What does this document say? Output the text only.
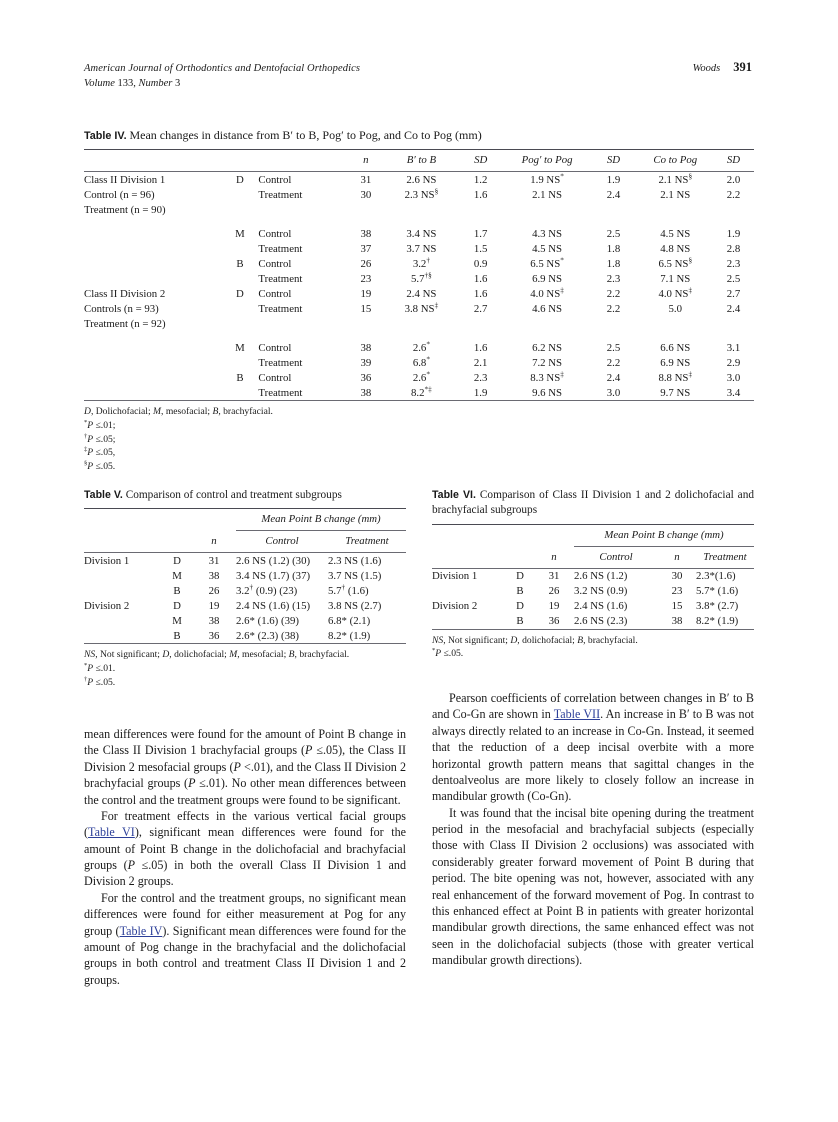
American Journal of Orthodontics and Dentofacial Orthopedics	Woods 391
Volume 133, Number 3
Table IV. Mean changes in distance from B′ to B, Pog′ to Pog, and Co to Pog (mm)
			n	B′ to B	SD	Pog′ to Pog	SD	Co to Pog	SD
Class II Division 1	D	Control	31	2.6 NS	1.2	1.9 NS*	1.9	2.1 NS§	2.0
Control (n = 96)		Treatment	30	2.3 NS§	1.6	2.1 NS	2.4	2.1 NS	2.2
Treatment (n = 90)									

	M	Control	38	3.4 NS	1.7	4.3 NS	2.5	4.5 NS	1.9
		Treatment	37	3.7 NS	1.5	4.5 NS	1.8	4.8 NS	2.8
	B	Control	26	3.2†	0.9	6.5 NS*	1.8	6.5 NS§	2.3
		Treatment	23	5.7†§	1.6	6.9 NS	2.3	7.1 NS	2.5
Class II Division 2	D	Control	19	2.4 NS	1.6	4.0 NS‡	2.2	4.0 NS‡	2.7
Controls (n = 93)		Treatment	15	3.8 NS‡	2.7	4.6 NS	2.2	5.0	2.4
Treatment (n = 92)									

	M	Control	38	2.6*	1.6	6.2 NS	2.5	6.6 NS	3.1
		Treatment	39	6.8*	2.1	7.2 NS	2.2	6.9 NS	2.9
	B	Control	36	2.6*	2.3	8.3 NS‡	2.4	8.8 NS‡	3.0
		Treatment	38	8.2*‡	1.9	9.6 NS	3.0	9.7 NS	3.4
D, Dolichofacial; M, mesofacial; B, brachyfacial.
*P ≤.01;
†P ≤.05;
‡P ≤.05,
§P ≤.05.
Table V. Comparison of control and treatment subgroups
			Mean Point B change (mm)	
		n	Control	Treatment
Division 1	D	31	2.6 NS (1.2) (30)	2.3 NS (1.6)
	M	38	3.4 NS (1.7) (37)	3.7 NS (1.5)
	B	26	3.2† (0.9) (23)	5.7† (1.6)
Division 2	D	19	2.4 NS (1.6) (15)	3.8 NS (2.7)
	M	38	2.6* (1.6) (39)	6.8* (2.1)
	B	36	2.6* (2.3) (38)	8.2* (1.9)
NS, Not significant; D, dolichofacial; M, mesofacial; B, brachyfacial.
*P ≤.01.
†P ≤.05.
Table VI. Comparison of Class II Division 1 and 2 dolichofacial and brachyfacial subgroups
			Mean Point B change (mm)		
		n	Control	n	Treatment
Division 1	D	31	2.6 NS (1.2)	30	2.3*(1.6)
	B	26	3.2 NS (0.9)	23	5.7* (1.6)
Division 2	D	19	2.4 NS (1.6)	15	3.8* (2.7)
	B	36	2.6 NS (2.3)	38	8.2* (1.9)
NS, Not significant; D, dolichofacial; B, brachyfacial.
*P ≤.05.

mean differences were found for the amount of Point B change in the Class II Division 1 brachyfacial groups (P ≤.05), the Class II Division 2 mesofacial groups (P <.01), and the Class II Division 2 brachyfacial groups (P ≤.01). No other mean differences between the control and the treatment groups were found to be significant.

For treatment effects in the various vertical facial groups (Table VI), significant mean differences were found for the amount of Point B change in the dolichofacial and brachyfacial groups (P ≤.05) in both the overall Class II Division 1 and Division 2 groups.

For the control and the treatment groups, no significant mean differences were found for either measurement at Pog for any group (Table IV). Significant mean differences were found for the amount of Pog change in the brachyfacial and the dolichofacial groups in both control and treatment Class II Division 1 and 2 groups.

Pearson coefficients of correlation between changes in B′ to B and Co-Gn are shown in Table VII. An increase in B′ to B was not always directly related to an increase in Co-Gn. Instead, it seemed that the reduction of a deep incisal overbite with a more horizontal growth pattern means that sagittal changes in the dentoalveolus are more likely to closely follow an increase in mandibular growth (Co-Gn).

It was found that the incisal bite opening during the treatment period in the mesofacial and brachyfacial subjects (especially those with Class II Division 2 occlusions) was associated with considerably greater forward movement of Point B during that period. The bite opening was not, however, associated with any real enhancement of the forward movement of Pog. In contrast to this enhanced effect at Point B in patients with greater horizontal mandibular growth directions, the same enhanced effect was not seen in the dolichofacial subjects (those with greater vertical mandibular growth directions).
